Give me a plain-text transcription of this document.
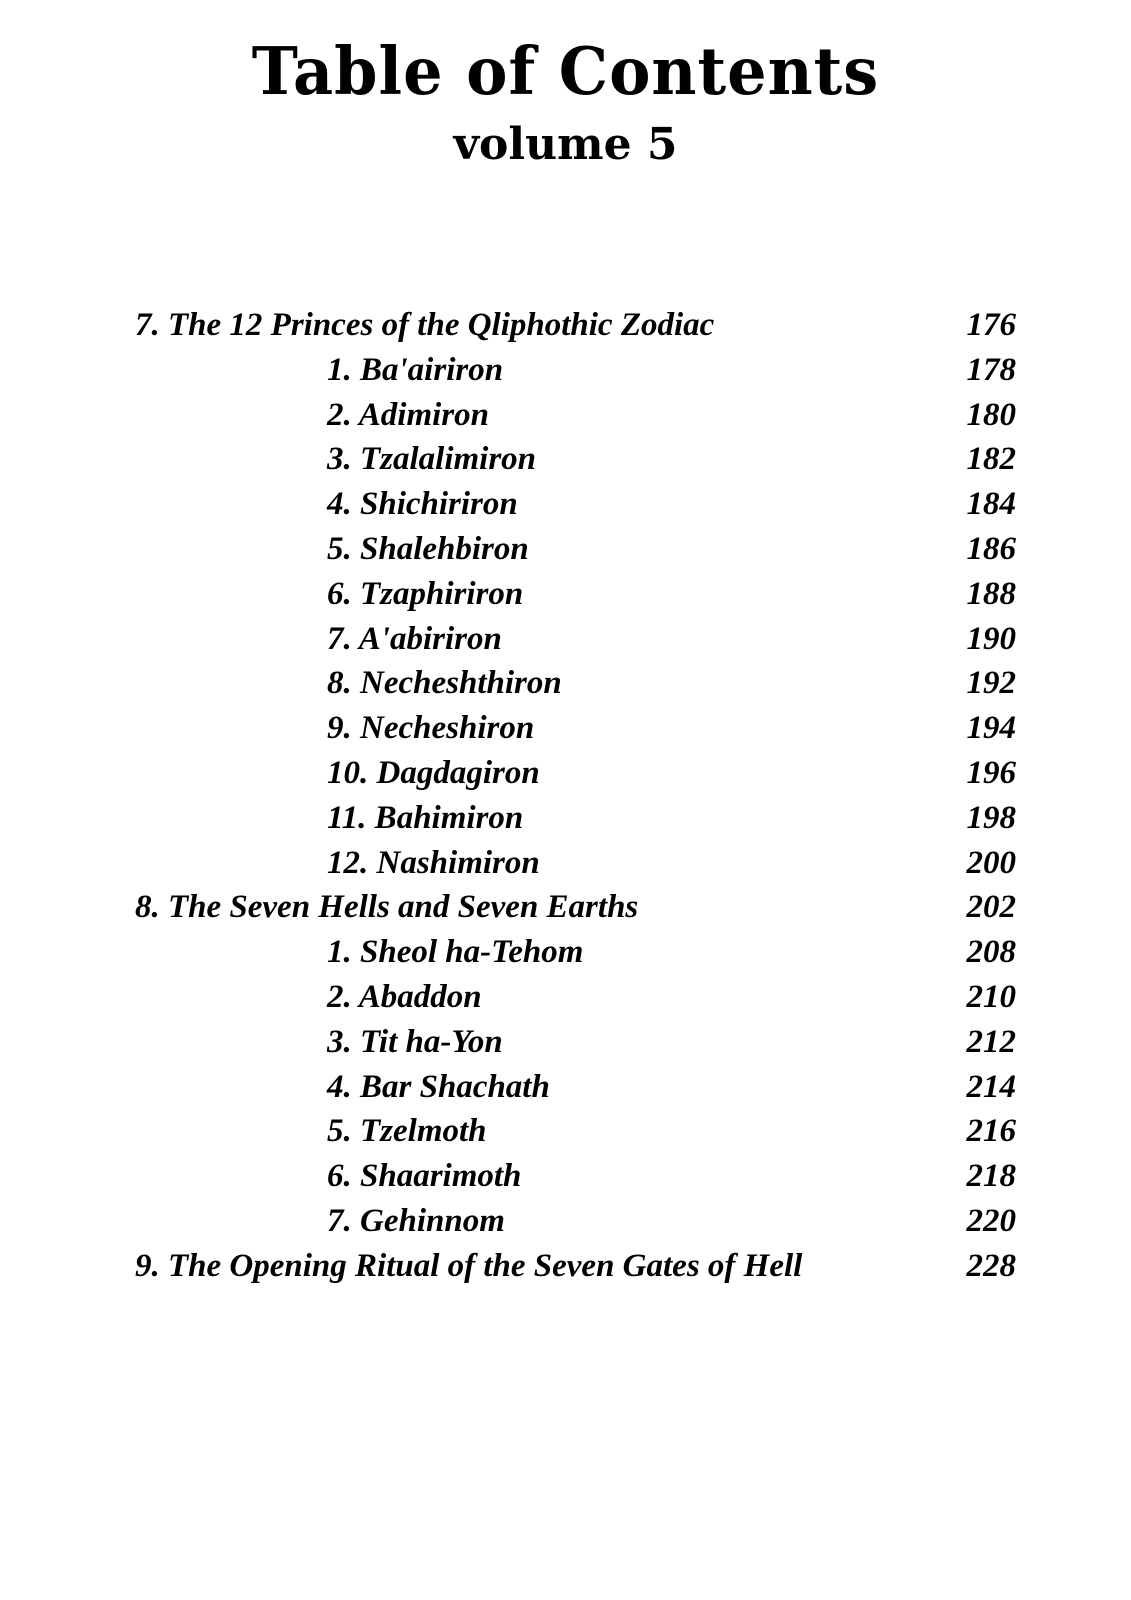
Table of Contents
volume 5
7. The 12 Princes of the Qliphothic Zodiac	176
1. Ba'airiron	178
2. Adimiron	180
3. Tzalalimiron	182
4. Shichiriron	184
5. Shalehbiron	186
6. Tzaphiriron	188
7. A'abiriron	190
8. Necheshthiron	192
9. Necheshiron	194
10. Dagdagiron	196
11. Bahimiron	198
12. Nashimiron	200
8. The Seven Hells and Seven Earths	202
1. Sheol ha-Tehom	208
2. Abaddon	210
3. Tit ha-Yon	212
4. Bar Shachath	214
5. Tzelmoth	216
6. Shaarimoth	218
7. Gehinnom	220
9. The Opening Ritual of the Seven Gates of Hell	228
